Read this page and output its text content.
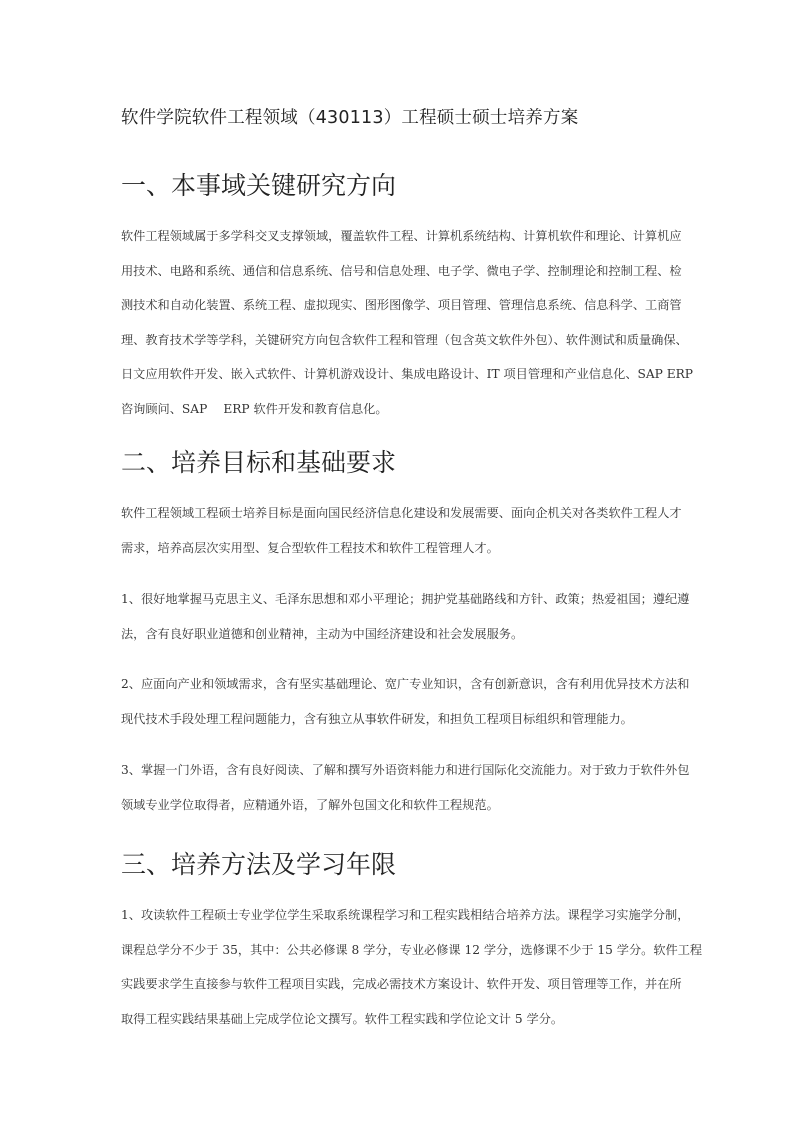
软件学院软件工程领域（430113）工程硕士硕士培养方案
一、本事域关键研究方向
软件工程领域属于多学科交叉支撑领域，覆盖软件工程、计算机系统结构、计算机软件和理论、计算机应
用技术、电路和系统、通信和信息系统、信号和信息处理、电子学、微电子学、控制理论和控制工程、检
测技术和自动化装置、系统工程、虚拟现实、图形图像学、项目管理、管理信息系统、信息科学、工商管
理、教育技术学等学科，关键研究方向包含软件工程和管理（包含英文软件外包）、软件测试和质量确保、
日文应用软件开发、嵌入式软件、计算机游戏设计、集成电路设计、IT 项目管理和产业信息化、SAP ERP
咨询顾问、SAP　 ERP 软件开发和教育信息化。
二、培养目标和基础要求
软件工程领域工程硕士培养目标是面向国民经济信息化建设和发展需要、面向企机关对各类软件工程人才
需求，培养高层次实用型、复合型软件工程技术和软件工程管理人才。
1、很好地掌握马克思主义、毛泽东思想和邓小平理论；拥护党基础路线和方针、政策；热爱祖国；遵纪遵
法，含有良好职业道德和创业精神，主动为中国经济建设和社会发展服务。
2、应面向产业和领域需求，含有坚实基础理论、宽广专业知识，含有创新意识，含有利用优异技术方法和
现代技术手段处理工程问题能力，含有独立从事软件研发，和担负工程项目标组织和管理能力。
3、掌握一门外语，含有良好阅读、了解和撰写外语资料能力和进行国际化交流能力。对于致力于软件外包
领域专业学位取得者，应精通外语，了解外包国文化和软件工程规范。
三、培养方法及学习年限
1、攻读软件工程硕士专业学位学生采取系统课程学习和工程实践相结合培养方法。课程学习实施学分制，
课程总学分不少于 35，其中：公共必修课 8 学分，专业必修课 12 学分，选修课不少于 15 学分。软件工程
实践要求学生直接参与软件工程项目实践，完成必需技术方案设计、软件开发、项目管理等工作，并在所
取得工程实践结果基础上完成学位论文撰写。软件工程实践和学位论文计 5 学分。
